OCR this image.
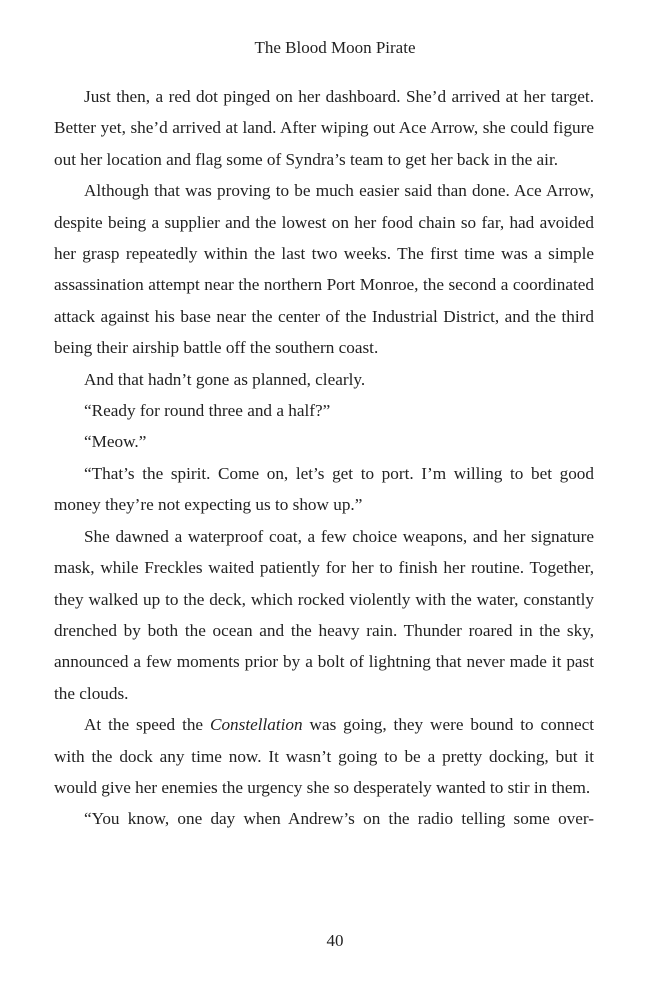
The Blood Moon Pirate

Just then, a red dot pinged on her dashboard. She’d arrived at her target. Better yet, she’d arrived at land. After wiping out Ace Arrow, she could figure out her location and flag some of Syndra’s team to get her back in the air.

Although that was proving to be much easier said than done. Ace Arrow, despite being a supplier and the lowest on her food chain so far, had avoided her grasp repeatedly within the last two weeks. The first time was a simple assassination attempt near the northern Port Monroe, the second a coordinated attack against his base near the center of the Industrial District, and the third being their airship battle off the southern coast.

And that hadn’t gone as planned, clearly.

“Ready for round three and a half?”

“Meow.”

“That’s the spirit. Come on, let’s get to port. I’m willing to bet good money they’re not expecting us to show up.”

She dawned a waterproof coat, a few choice weapons, and her signature mask, while Freckles waited patiently for her to finish her routine. Together, they walked up to the deck, which rocked violently with the water, constantly drenched by both the ocean and the heavy rain. Thunder roared in the sky, announced a few moments prior by a bolt of lightning that never made it past the clouds.

At the speed the Constellation was going, they were bound to connect with the dock any time now. It wasn’t going to be a pretty docking, but it would give her enemies the urgency she so desperately wanted to stir in them.

“You know, one day when Andrew’s on the radio telling some over-

40
